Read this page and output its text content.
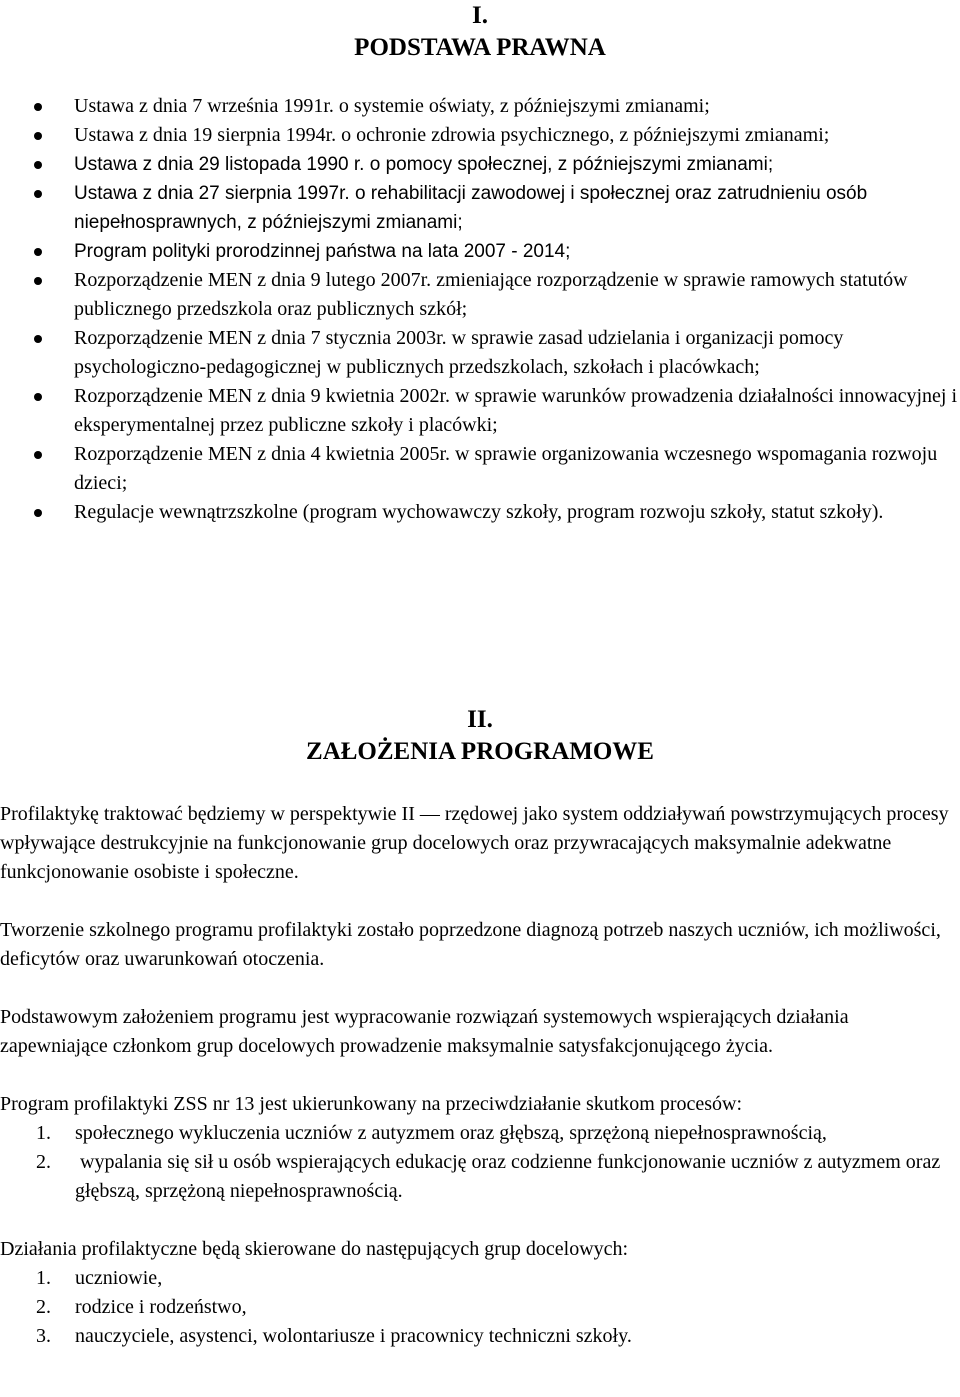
I.
PODSTAWA PRAWNA
Ustawa z dnia 7 września 1991r. o systemie oświaty, z późniejszymi zmianami;
Ustawa z dnia 19 sierpnia 1994r. o ochronie zdrowia psychicznego, z późniejszymi zmianami;
Ustawa z dnia 29 listopada 1990 r. o pomocy społecznej, z późniejszymi zmianami;
Ustawa z dnia 27 sierpnia 1997r. o rehabilitacji zawodowej i społecznej oraz zatrudnieniu osób niepełnosprawnych, z późniejszymi zmianami;
Program polityki prorodzinnej państwa na lata 2007 - 2014;
Rozporządzenie MEN z dnia 9 lutego 2007r. zmieniające rozporządzenie w sprawie ramowych statutów publicznego przedszkola oraz publicznych szkół;
Rozporządzenie MEN z dnia 7 stycznia 2003r. w sprawie zasad udzielania i organizacji pomocy psychologiczno-pedagogicznej w publicznych przedszkolach, szkołach i placówkach;
Rozporządzenie MEN z dnia 9 kwietnia 2002r. w sprawie warunków prowadzenia działalności innowacyjnej i eksperymentalnej przez publiczne szkoły i placówki;
Rozporządzenie MEN z dnia 4 kwietnia 2005r. w sprawie organizowania wczesnego wspomagania rozwoju dzieci;
Regulacje wewnątrzszkolne (program wychowawczy szkoły, program rozwoju szkoły, statut szkoły).
II.
ZAŁOŻENIA PROGRAMOWE

Profilaktykę traktować będziemy w perspektywie II — rzędowej jako system oddziaływań powstrzymujących procesy wpływające destrukcyjnie na funkcjonowanie grup docelowych oraz przywracających maksymalnie adekwatne funkcjonowanie osobiste i społeczne.

Tworzenie szkolnego programu profilaktyki zostało poprzedzone diagnozą potrzeb naszych uczniów, ich możliwości, deficytów oraz uwarunkowań otoczenia.

Podstawowym założeniem programu jest wypracowanie rozwiązań systemowych wspierających działania zapewniające członkom grup docelowych prowadzenie maksymalnie satysfakcjonującego życia.

Program profilaktyki ZSS nr 13 jest ukierunkowany na przeciwdziałanie skutkom procesów:

1. społecznego wykluczenia uczniów z autyzmem oraz głębszą, sprzężoną niepełnosprawnością,
2. wypalania się sił u osób wspierających edukację oraz codzienne funkcjonowanie uczniów z autyzmem oraz głębszą, sprzężoną niepełnosprawnością.

Działania profilaktyczne będą skierowane do następujących grup docelowych:

1. uczniowie,
2. rodzice i rodzeństwo,
3. nauczyciele, asystenci, wolontariusze i pracownicy techniczni szkoły.
